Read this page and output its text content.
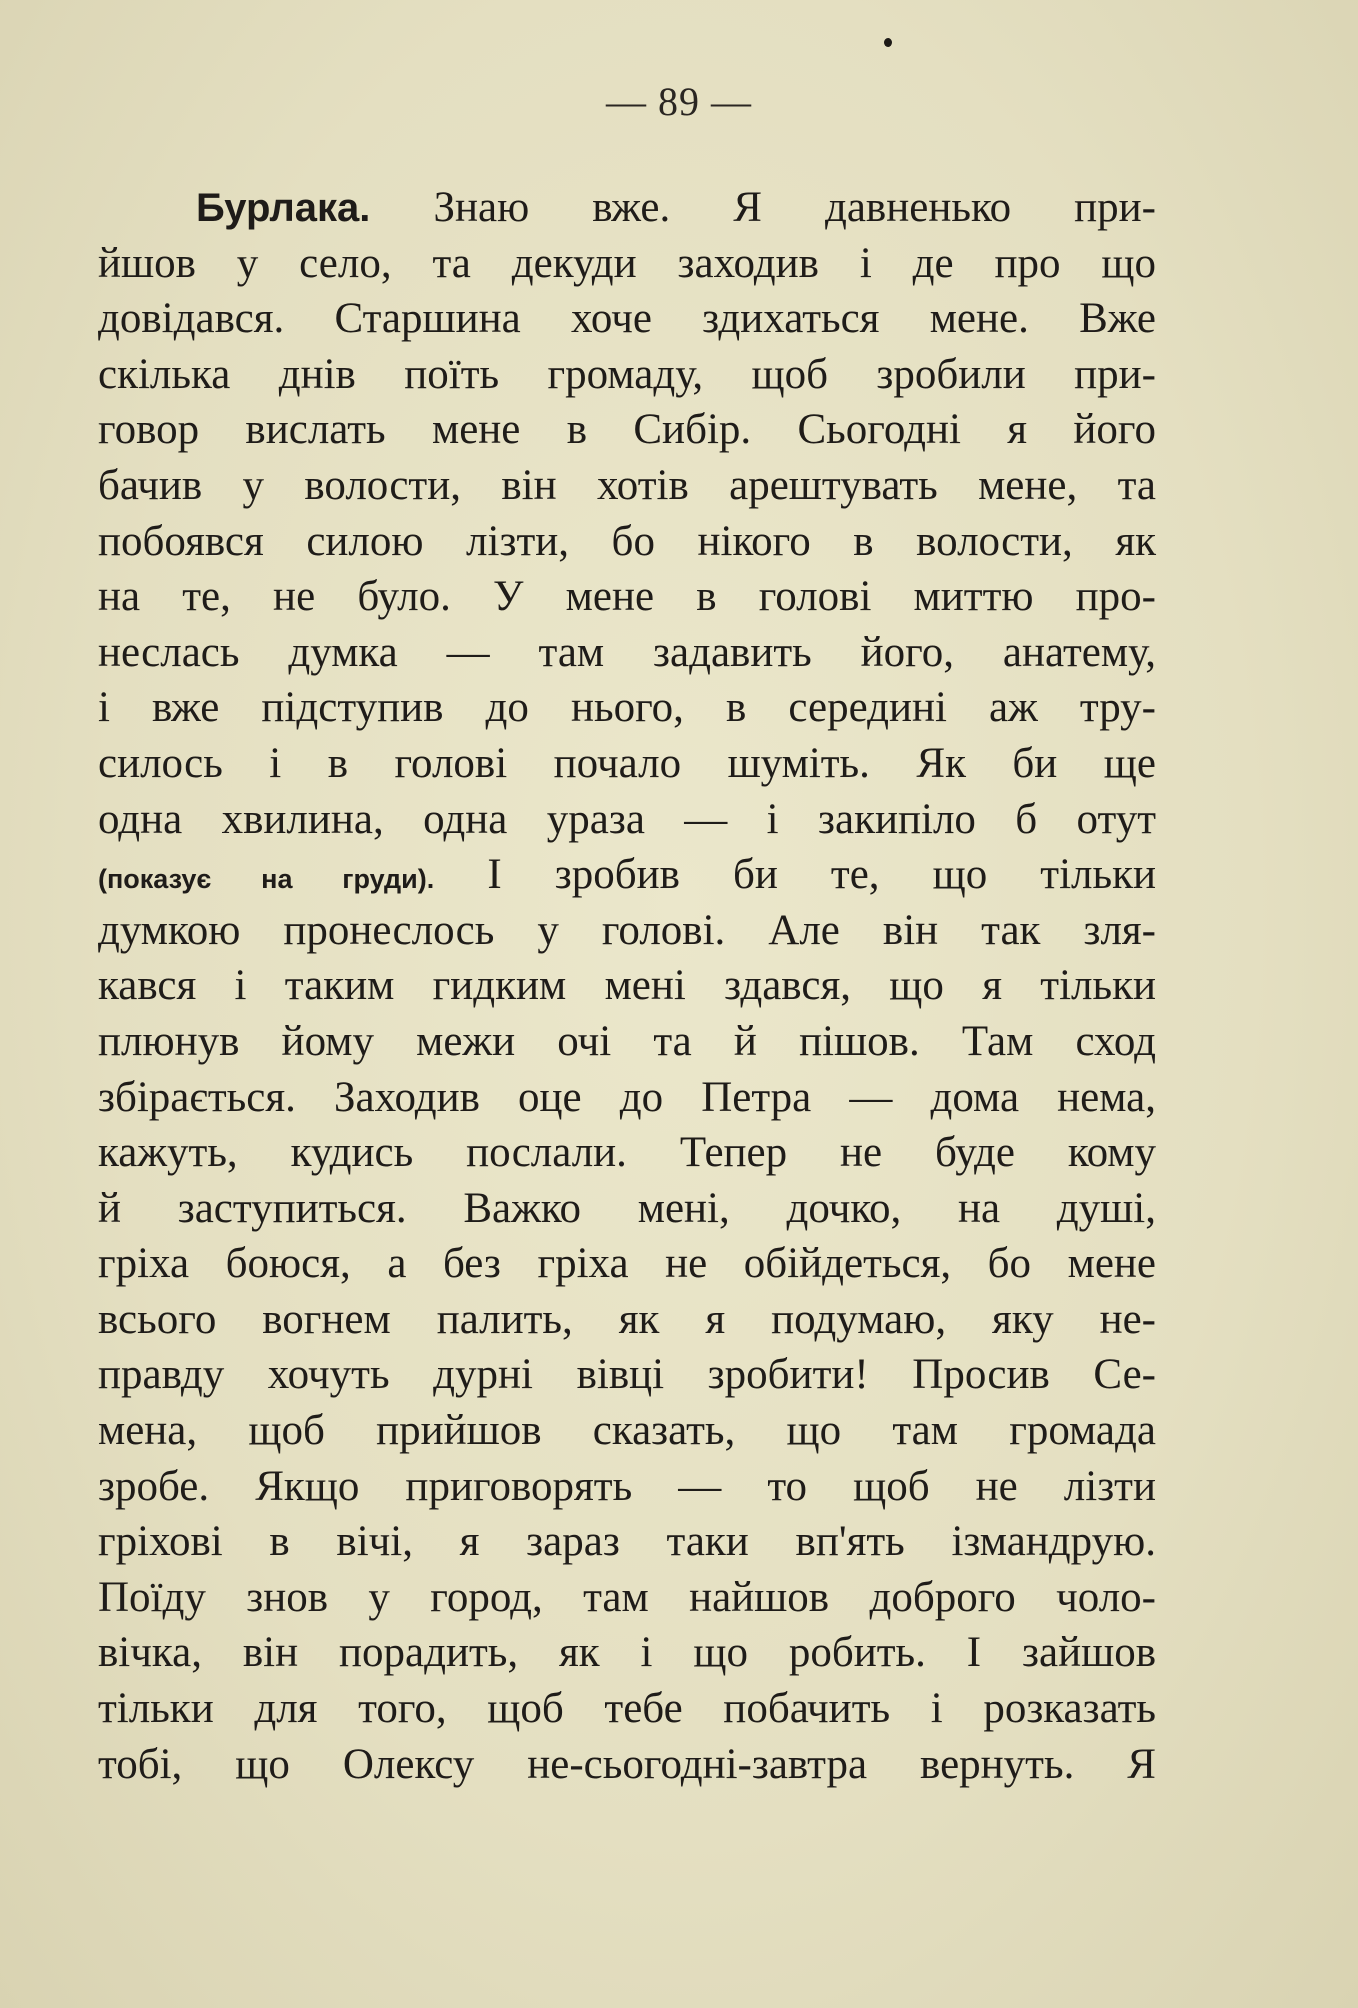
— 89 —
Бурлака. Знаю вже. Я давненько при-
йшов у село, та декуди заходив і де про що
довідався. Старшина хоче здихаться мене. Вже
скілька днів поїть громаду, щоб зробили при-
говор вислать мене в Сибір. Сьогодні я його
бачив у волости, він хотів арештувать мене, та
побоявся силою лізти, бо нікого в волости, як
на те, не було. У мене в голові миттю про-
неслась думка — там задавить його, анатему,
і вже підступив до нього, в середині аж тру-
силось і в голові почало шуміть. Як би ще
одна хвилина, одна ураза — і закипіло б отут
(показує на груди). І зробив би те, що тільки
думкою пронеслось у голові. Але він так зля-
кався і таким гидким мені здався, що я тільки
плюнув йому межи очі та й пішов. Там сход
збірається. Заходив оце до Петра — дома нема,
кажуть, кудись послали. Тепер не буде кому
й заступиться. Важко мені, дочко, на душі,
гріха боюся, а без гріха не обійдеться, бо мене
всього вогнем палить, як я подумаю, яку не-
правду хочуть дурні вівці зробити! Просив Се-
мена, щоб прийшов сказать, що там громада
зробе. Якщо приговорять — то щоб не лізти
гріхові в вічі, я зараз таки вп'ять ізмандрую.
Поїду знов у город, там найшов доброго чоло-
вічка, він порадить, як і що робить. І зайшов
тільки для того, щоб тебе побачить і розказать
тобі, що Олексу не-сьогодні-завтра вернуть. Я
